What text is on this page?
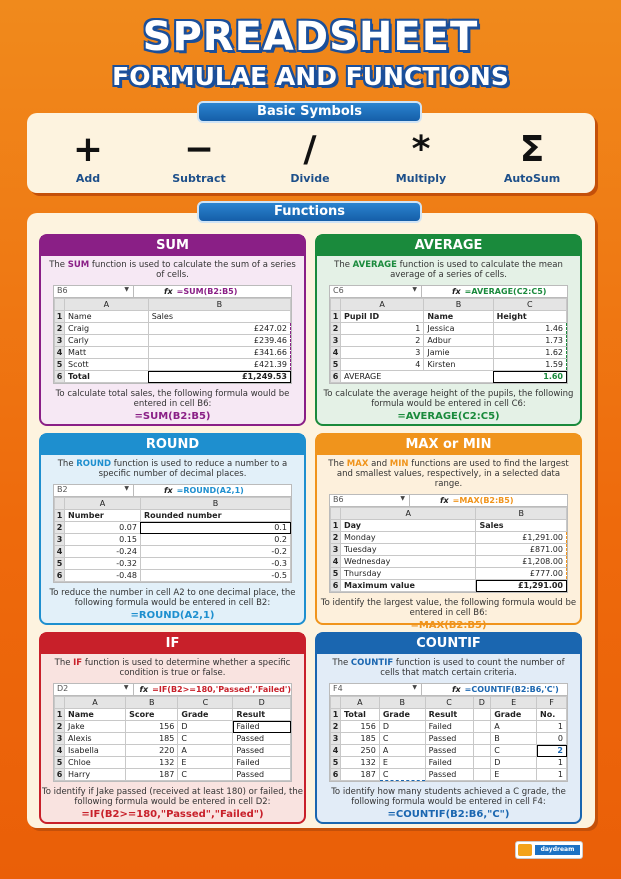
SPREADSHEET
FORMULAE AND FUNCTIONS
Basic Symbols
+
Add
−
Subtract
/
Divide
*
Multiply
Σ
AutoSum
Functions
SUM
The SUM function is used to calculate the sum of a series of cells.
B6 ▼	fx =SUM(B2:B5)
	A	B
1	Name	Sales
2	Craig	£247.02
3	Carly	£239.46
4	Matt	£341.66
5	Scott	£421.39
6	Total	£1,249.53
To calculate total sales, the following formula would be entered in cell B6:
=SUM(B2:B5)
AVERAGE
The AVERAGE function is used to calculate the mean average of a series of cells.
C6 ▼	fx =AVERAGE(C2:C5)
	A	B	C
1	Pupil ID	Name	Height
2	1	Jessica	1.46
3	2	Adbur	1.73
4	3	Jamie	1.62
5	4	Kirsten	1.59
6	AVERAGE		1.60
To calculate the average height of the pupils, the following formula would be entered in cell C6:
=AVERAGE(C2:C5)
ROUND
The ROUND function is used to reduce a number to a specific number of decimal places.
B2 ▼	fx =ROUND(A2,1)
	A	B
1	Number	Rounded number
2	0.07	0.1
3	0.15	0.2
4	-0.24	-0.2
5	-0.32	-0.3
6	-0.48	-0.5
To reduce the number in cell A2 to one decimal place, the following formula would be entered in cell B2:
=ROUND(A2,1)
MAX or MIN
The MAX and MIN functions are used to find the largest and smallest values, respectively, in a selected data range.
B6 ▼	fx =MAX(B2:B5)
	A	B
1	Day	Sales
2	Monday	£1,291.00
3	Tuesday	£871.00
4	Wednesday	£1,208.00
5	Thursday	£777.00
6	Maximum value	£1,291.00
To identify the largest value, the following formula would be entered in cell B6:
=MAX(B2:B5)
IF
The IF function is used to determine whether a specific condition is true or false.
D2 ▼	fx =IF(B2>=180,'Passed','Failed')
	A	B	C	D
1	Name	Score	Grade	Result
2	Jake	156	D	Failed
3	Alexis	185	C	Passed
4	Isabella	220	A	Passed
5	Chloe	132	E	Failed
6	Harry	187	C	Passed
To identify if Jake passed (received at least 180) or failed, the following formula would be entered in cell D2:
=IF(B2>=180,"Passed","Failed")
COUNTIF
The COUNTIF function is used to count the number of cells that match certain criteria.
F4 ▼	fx =COUNTIF(B2:B6,'C')
	A	B	C	D	E	F
1	Total	Grade	Result		Grade	No.
2	156	D	Failed		A	1
3	185	C	Passed		B	0
4	250	A	Passed		C	2
5	132	E	Failed		D	1
6	187	C	Passed		E	1
To identify how many students achieved a C grade, the following formula would be entered in cell F4:
=COUNTIF(B2:B6,"C")
daydream
